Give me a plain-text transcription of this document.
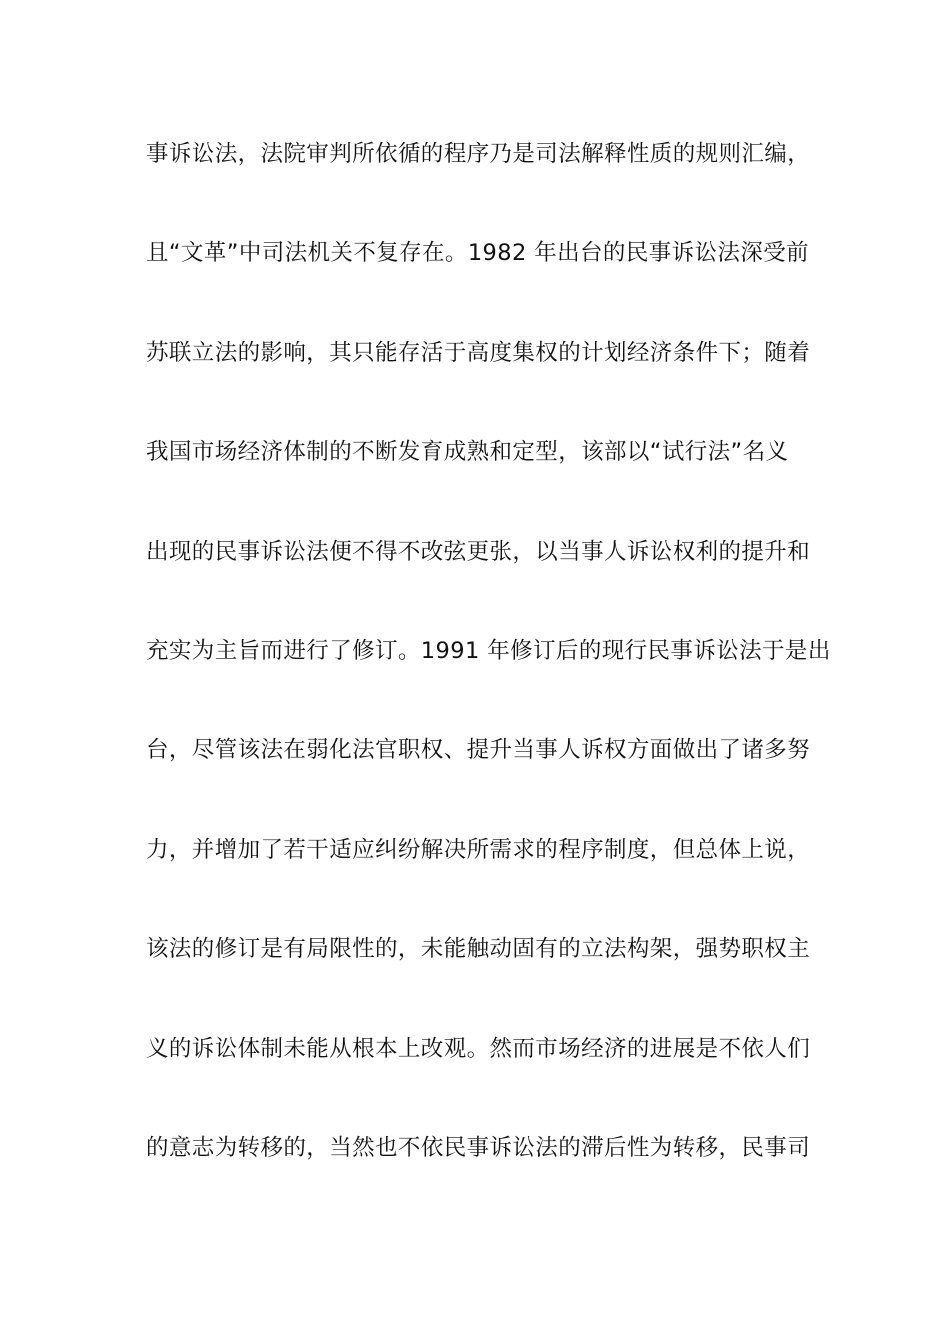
事诉讼法，法院审判所依循的程序乃是司法解释性质的规则汇编，
且“文革”中司法机关不复存在。1982 年出台的民事诉讼法深受前
苏联立法的影响，其只能存活于高度集权的计划经济条件下；随着
我国市场经济体制的不断发育成熟和定型，该部以“试行法”名义
出现的民事诉讼法便不得不改弦更张，以当事人诉讼权利的提升和
充实为主旨而进行了修订。1991 年修订后的现行民事诉讼法于是出
台，尽管该法在弱化法官职权、提升当事人诉权方面做出了诸多努
力，并增加了若干适应纠纷解决所需求的程序制度，但总体上说，
该法的修订是有局限性的，未能触动固有的立法构架，强势职权主
义的诉讼体制未能从根本上改观。然而市场经济的进展是不依人们
的意志为转移的，当然也不依民事诉讼法的滞后性为转移，民事司
